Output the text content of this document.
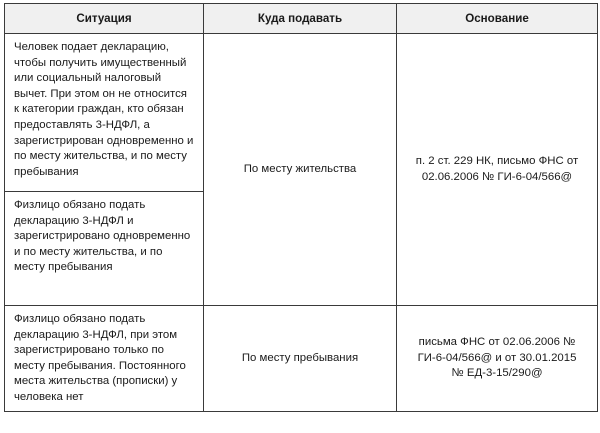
Ситуация	Куда подавать	Основание

Человек подает декларацию, чтобы получить имущественный или социальный налоговый вычет. При этом он не относится к категории граждан, кто обязан предоставлять 3-НДФЛ, а зарегистрирован одновременно и по месту жительства, и по месту пребывания	По месту жительства	п. 2 ст. 229 НК, письмо ФНС от 02.06.2006 № ГИ-6-04/566@

Физлицо обязано подать декларацию 3-НДФЛ и зарегистрировано одновременно и по месту жительства, и по месту пребывания		

Физлицо обязано подать декларацию 3-НДФЛ, при этом зарегистрировано только по месту пребывания. Постоянного места жительства (прописки) у человека нет	По месту пребывания	письма ФНС от 02.06.2006 № ГИ-6-04/566@ и от 30.01.2015 № ЕД-3-15/290@
